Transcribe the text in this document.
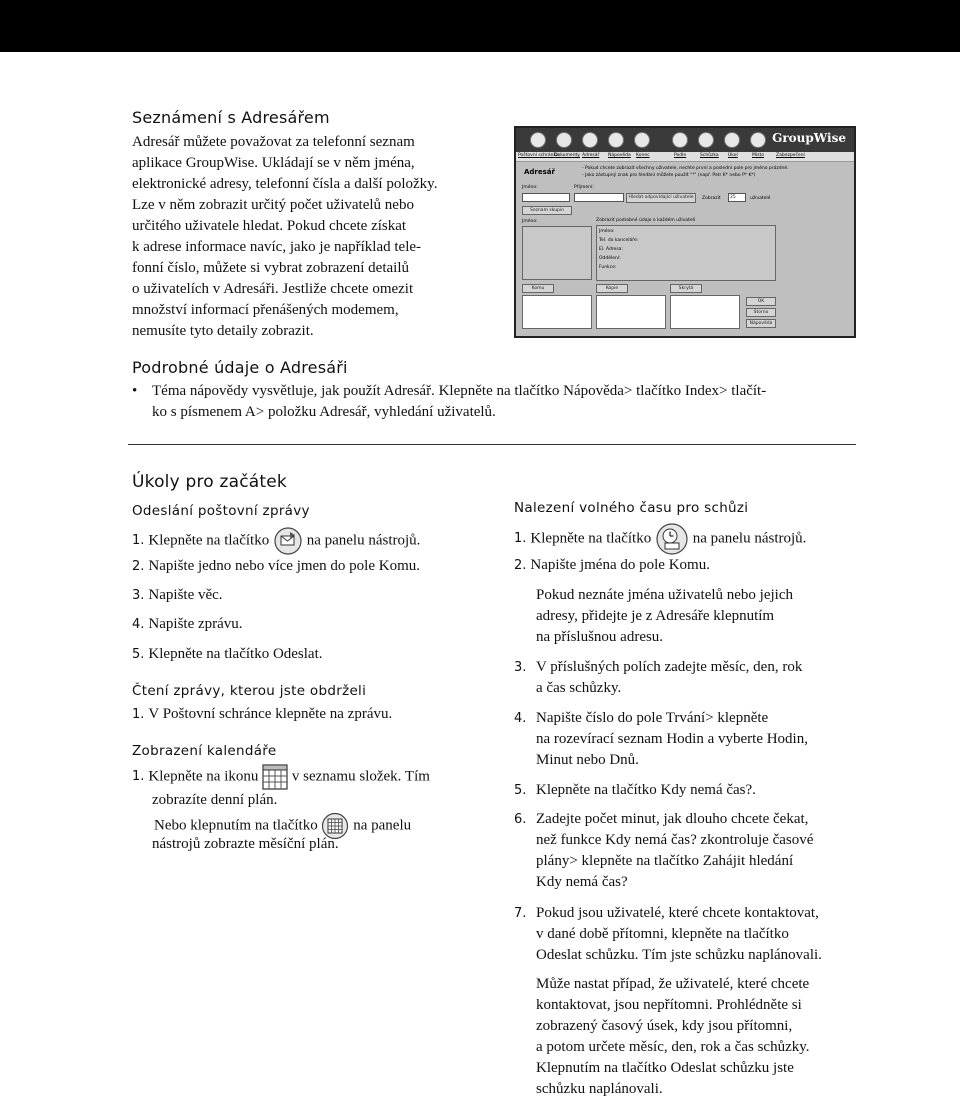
Seznámení s Adresářem
Adresář můžete považovat za telefonní seznam
aplikace GroupWise. Ukládají se v něm jména,
elektronické adresy, telefonní čísla a další položky.
Lze v něm zobrazit určitý počet uživatelů nebo
určitého uživatele hledat. Pokud chcete získat
k adrese informace navíc, jako je například tele-
fonní číslo, můžete si vybrat zobrazení detailů
o uživatelích v Adresáři. Jestliže chcete omezit
množství informací přenášených modemem,
nemusíte tyto detaily zobrazit.
GroupWise
Poštovní schránka
Dokumenty Adresář Nápověda Konec	Podle	Schůzka Úkol	Místo	Zabezpečení
Adresář	- Pokud chcete zobrazit všechny uživatele, nechte první a poslední pole pro jméno prázdné.
- Jako zástupný znak pro hledání můžete použít "*" (např. Petr K* nebo P* K*)
Jméno:	Příjmení:
Hledat odpovídající uživatele	Zobrazit	25	uživatelé
Seznam skupin
Jméno:	Zobrazit podrobné údaje o každém uživateli
Jméno:
Tel. do kanceláře:
El. Adresa:
Oddělení:
Funkce:
Komu	Kopie	Skrytá
OK
Storno
Nápověda
Podrobné údaje o Adresáři
• Téma nápovědy vysvětluje, jak použít Adresář. Klepněte na tlačítko Nápověda> tlačítko Index> tlačít-
ko s písmenem A> položku Adresář, vyhledání uživatelů.
Úkoly pro začátek
Odeslání poštovní zprávy
1. Klepněte na tlačítko	na panelu nástrojů.
2. Napište jedno nebo více jmen do pole Komu.
3. Napište věc.
4. Napište zprávu.
5. Klepněte na tlačítko Odeslat.
Čtení zprávy, kterou jste obdrželi
1. V Poštovní schránce klepněte na zprávu.
Zobrazení kalendáře
1. Klepněte na ikonu v seznamu složek. Tím
zobrazíte denní plán.
Nebo klepnutím na tlačítko na panelu
nástrojů zobrazte měsíční plán.
Nalezení volného času pro schůzi
1. Klepněte na tlačítko	na panelu nástrojů.
2. Napište jména do pole Komu.
Pokud neznáte jména uživatelů nebo jejich
adresy, přidejte je z Adresáře klepnutím
na příslušnou adresu.
3. V příslušných polích zadejte měsíc, den, rok
a čas schůzky.
4. Napište číslo do pole Trvání> klepněte
na rozevírací seznam Hodin a vyberte Hodin,
Minut nebo Dnů.
5. Klepněte na tlačítko Kdy nemá čas?.
6. Zadejte počet minut, jak dlouho chcete čekat,
než funkce Kdy nemá čas? zkontroluje časové
plány> klepněte na tlačítko Zahájit hledání
Kdy nemá čas?
7. Pokud jsou uživatelé, které chcete kontaktovat,
v dané době přítomni, klepněte na tlačítko
Odeslat schůzku. Tím jste schůzku naplánovali.
Může nastat případ, že uživatelé, které chcete
kontaktovat, jsou nepřítomni. Prohlédněte si
zobrazený časový úsek, kdy jsou přítomni,
a potom určete měsíc, den, rok a čas schůzky.
Klepnutím na tlačítko Odeslat schůzku jste
schůzku naplánovali.
